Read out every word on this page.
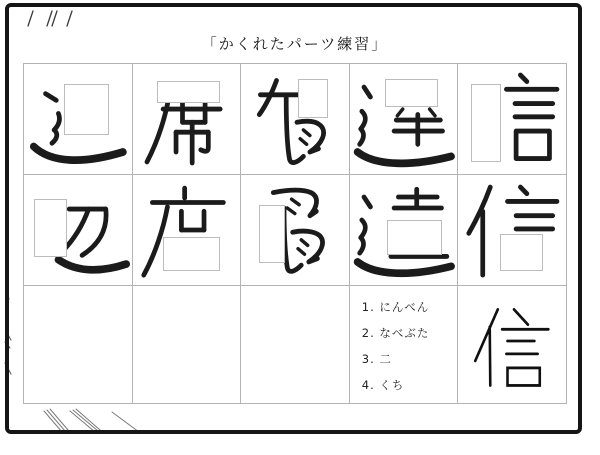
「かくれたパーツ練習」
1. にんべん
2. なべぶた
3. 二
4. くち
